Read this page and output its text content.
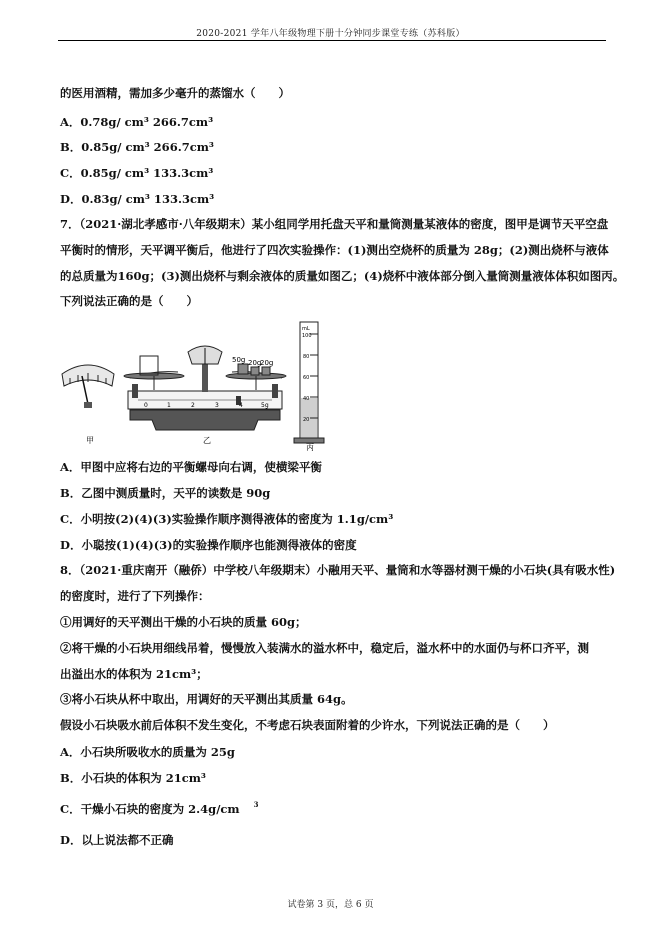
2020-2021 学年八年级物理下册十分钟同步课堂专练（苏科版）
的医用酒精，需加多少毫升的蒸馏水（　　）
A．0.78g/ cm³ 266.7cm³
B．0.85g/ cm³ 266.7cm³
C．0.85g/ cm³ 133.3cm³
D．0.83g/ cm³ 133.3cm³
7．（2021·湖北孝感市·八年级期末）某小组同学用托盘天平和量筒测量某液体的密度，图甲是调节天平空盘
平衡时的情形，天平调平衡后，他进行了四次实验操作：(1)测出空烧杯的质量为 28g；(2)测出烧杯与液体
的总质量为160g；(3)测出烧杯与剩余液体的质量如图乙；(4)烧杯中液体部分倒入量筒测量液体体积如图丙。
下列说法正确的是（　　）
甲	乙
丙
50g 20g
20g
0	1	2	3	4	5g
mL
100
80
60
40
20
A．甲图中应将右边的平衡螺母向右调，使横梁平衡
B．乙图中测质量时，天平的读数是 90g
C．小明按(2)(4)(3)实验操作顺序测得液体的密度为 1.1g/cm³
D．小聪按(1)(4)(3)的实验操作顺序也能测得液体的密度
8．（2021·重庆南开（融侨）中学校八年级期末）小融用天平、量筒和水等器材测干燥的小石块(具有吸水性)
的密度时，进行了下列操作：
①用调好的天平测出干燥的小石块的质量 60g；
②将干燥的小石块用细线吊着，慢慢放入装满水的溢水杯中，稳定后，溢水杯中的水面仍与杯口齐平，测
出溢出水的体积为 21cm³；
③将小石块从杯中取出，用调好的天平测出其质量 64g。
假设小石块吸水前后体积不发生变化，不考虑石块表面附着的少许水，下列说法正确的是（　　）
A．小石块所吸收水的质量为 25g
B．小石块的体积为 21cm³
C．干燥小石块的密度为 2.4g/cm $^3$
D．以上说法都不正确
试卷第 3 页，总 6 页
